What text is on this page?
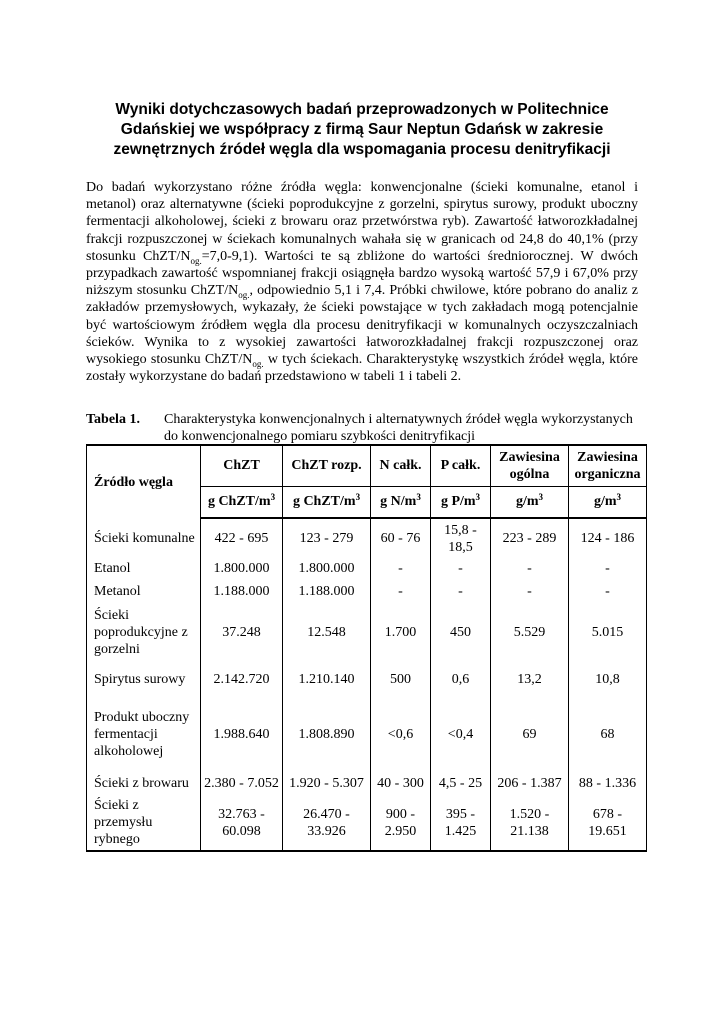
Wyniki dotychczasowych badań przeprowadzonych w Politechnice Gdańskiej we współpracy z firmą Saur Neptun Gdańsk w zakresie zewnętrznych źródeł węgla dla wspomagania procesu denitryfikacji
Do badań wykorzystano różne źródła węgla: konwencjonalne (ścieki komunalne, etanol i metanol) oraz alternatywne (ścieki poprodukcyjne z gorzelni, spirytus surowy, produkt uboczny fermentacji alkoholowej, ścieki z browaru oraz przetwórstwa ryb). Zawartość łatworozkładalnej frakcji rozpuszczonej w ściekach komunalnych wahała się w granicach od 24,8 do 40,1% (przy stosunku ChZT/$N_{og.}=7,0-9,1$). Wartości te są zbliżone do wartości średniorocznej. W dwóch przypadkach zawartość wspomnianej frakcji osiągnęła bardzo wysoką wartość 57,9 i 67,0% przy niższym stosunku ChZT/$N_{og.}$, odpowiednio 5,1 i 7,4. Próbki chwilowe, które pobrano do analiz z zakładów przemysłowych, wykazały, że ścieki powstające w tych zakładach mogą potencjalnie być wartościowym źródłem węgla dla procesu denitryfikacji w komunalnych oczyszczalniach ścieków. Wynika to z wysokiej zawartości łatworozkładalnej frakcji rozpuszczonej oraz wysokiego stosunku ChZT/$N_{og.}$ w tych ściekach. Charakterystykę wszystkich źródeł węgla, które zostały wykorzystane do badań przedstawiono w tabeli 1 i tabeli 2.
Tabela 1. Charakterystyka konwencjonalnych i alternatywnych źródeł węgla wykorzystanych do konwencjonalnego pomiaru szybkości denitryfikacji
Źródło węgla	ChZT	ChZT rozp.	N całk.	P całk.	Zawiesina ogólna	Zawiesina organiczna
	g ChZT/$m^3$	g ChZT/$m^3$	g $N/m^3$	g $P/m^3$	$g/m^3$	$g/m^3$
Ścieki komunalne	422 - 695	123 - 279	60 - 76	15,8 - 18,5	223 - 289	124 - 186
Etanol	1.800.000	1.800.000	-	-	-	-
Metanol	1.188.000	1.188.000	-	-	-	-
Ścieki poprodukcyjne z gorzelni	37.248	12.548	1.700	450	5.529	5.015
Spirytus surowy	2.142.720	1.210.140	500	0,6	13,2	10,8
Produkt uboczny fermentacji alkoholowej	1.988.640	1.808.890	<0,6	<0,4	69	68
Ścieki z browaru	2.380 - 7.052	1.920 - 5.307	40 - 300	4,5 - 25	206 - 1.387	88 - 1.336
Ścieki z przemysłu rybnego	32.763 - 60.098	26.470 - 33.926	900 - 2.950	395 - 1.425	1.520 - 21.138	678 - 19.651
